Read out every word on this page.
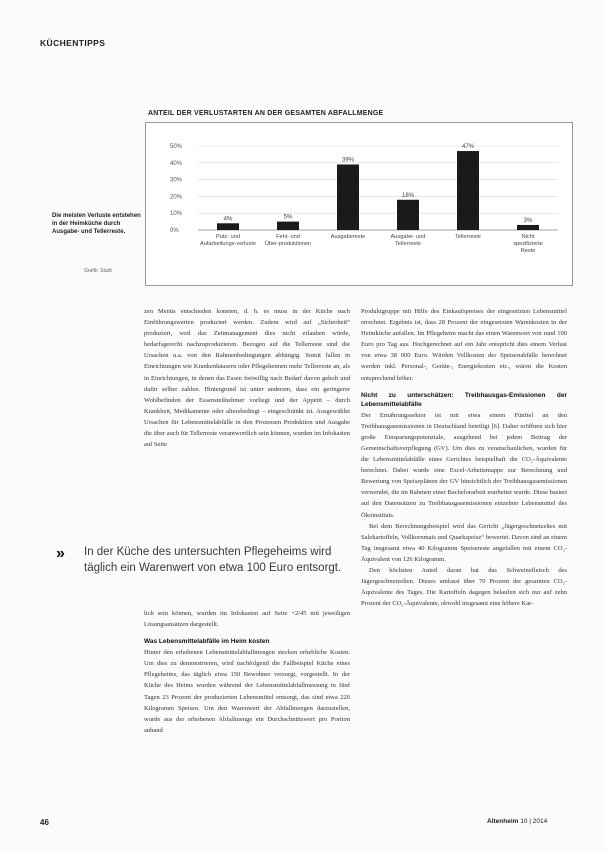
KÜCHENTIPPS
ANTEIL DER VERLUSTARTEN AN DER GESAMTEN ABFALLMENGE
0%
10%
20%
30%
40%
50%
4%
Putz- und Aufarbeitungs-verluste
5%
Fehl- und Über-produktionen
39%
Ausgabereste
18%
Ausgabe- und Tellerreste
47%
Tellerreste
3%
Nicht spezifizierte Reste
Die meisten Verluste entstehen in der Heimküche durch Ausgabe- und Tellerreste.
Grafik: Stadt

zen Menüs entschieden konnten, d. h. es muss in der Küche nach Einführungswerten produziert werden. Zudem wird auf „Sicherheit“ produziert, weil das Zeitmanagement dies nicht erlauben würde, bedarfsgerecht nachzuproduzieren. Bezogen auf die Tellerreste sind die Ursachen u.a. von den Rahmenbedingungen abhängig. Somit fallen in Einrichtungen wie Krankenhäusern oder Pflegeheimen mehr Tellerreste an, als in Einrichtungen, in denen das Essen freiwillig nach Bedarf davon geholt und dafür selber zahlen. Hintergrund ist unter anderem, dass ein geringerer Wohlbefinden der Essensteilnehmer vorliegt und der Appetit – durch Krankheit, Medikamente oder altersbedingt – eingeschränkt ist. Ausgewählte Ursachen für Lebensmittelabfälle in den Prozessen Produktion und Ausgabe die über auch für Tellerreste verantwortlich sein können, wurden im Infokasten auf Seite

» In der Küche des untersuchten Pflegeheims wird täglich ein Warenwert von etwa 100 Euro entsorgt.

lich sein können, wurden im Infokasten auf Seite +2/45 mit jeweiligen Lösungsansätzen dargestellt.

Was Lebensmittelabfälle im Heim kosten

Hinter den erhobenen Lebensmittelabfallmengen stecken erhebliche Kosten. Um dies zu demonstrieren, wird nachfolgend die Fallbeispiel Küche eines Pflegeheims, das täglich etwa 150 Bewohner versorgt, vorgestellt. In der Küche des Heims wurden während der Lebensmittelabfallmessung in fünf Tagen 23 Prozent der produzierten Lebensmittel entsorgt, das sind etwa 220 Kilogramm Speisen. Um den Warenwert der Abfallmengen darzustellen, wurde aus der erhobenen Abfallmenge ein Durchschnittswert pro Portion anhand

Produktgruppe mit Hilfe des Einkaufspreises der eingesetzten Lebensmittel errechnet. Ergebnis ist, dass 28 Prozent der eingesetzten Warenkosten in der Heimküche anfallen. Im Pflegeheim macht das einen Warenwert von rund 100 Euro pro Tag aus. Hochgerechnet auf ein Jahr entspricht dies einem Verlust von etwa 38 000 Euro. Würden Vollkosten der Speisenabfälle berechnet werden inkl. Personal-, Geräte-, Energiekosten etc., wären die Kosten entsprechend höher.

Nicht zu unterschätzen: Treibhausgas-Emissionen der Lebensmittelabfälle

Der Ernährungssektor ist mit etwa einem Fünftel an den Treibhausgasemissionen in Deutschland beteiligt [6]. Daher eröffnen sich hier große Einsparungspotenziale, ausgehend bei jedem Beitrag der Gemeinschaftsverpflegung (GV). Um dies zu veranschaulichen, wurden für die Lebensmittelabfälle eines Gerichtes beispielhaft die CO₂-Äquivalente berechnet. Dabei wurde eine Excel-Arbeitsmappe zur Berechnung und Bewertung von Speiseplänen der GV hinsichtlich der Treibhausgasemissionen verwendet, die im Rahmen einer Bachelorarbeit erarbeitet wurde. Diese basiert auf den Datensätzen zu Treibhausgasemissionen einzelner Lebensmittel des Ökoinstituts.

Bei dem Berechnungsbeispiel wird das Gericht „Jägergeschnetzeltes mit Salzkartoffeln, Vollkornmais und Quarkspeise“ bewertet. Davon sind an einem Tag insgesamt etwa 40 Kilogramm Speisereste angefallen mit einem CO₂-Äquivalent von 126 Kilogramm.

Den höchsten Anteil daran hat das Schweinefleisch des Jägergeschnetzelten. Dieses umfasst über 70 Prozent der gesamten CO₂-Äquivalente des Tages. Die Kartoffeln dagegen belaufen sich nur auf zehn Prozent der CO₂-Äquivalente, obwohl insgesamt eine höhere Kar-

46	Altenheim 10 | 2014
